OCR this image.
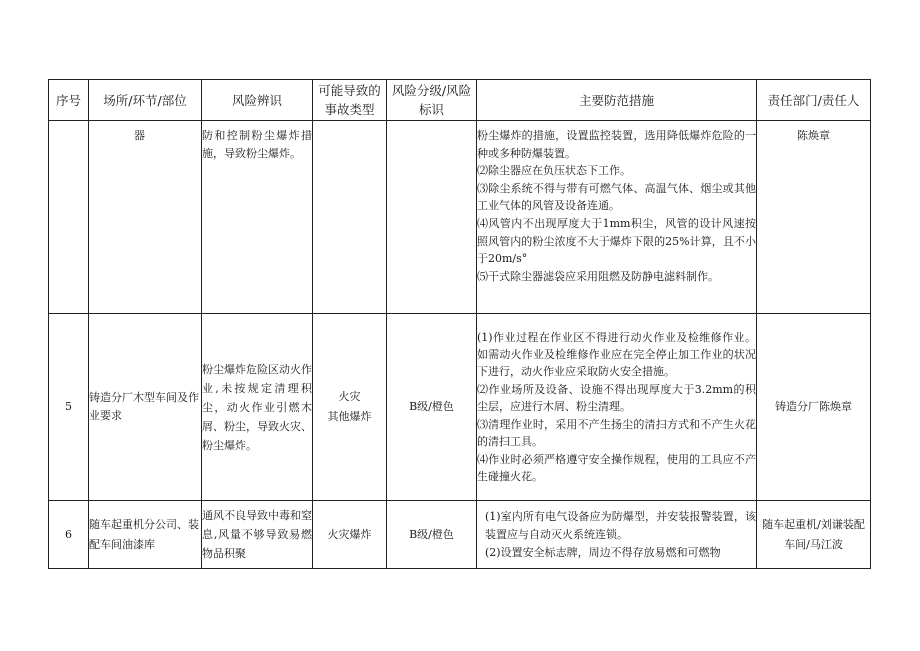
序号	场所/环节/部位	风险辨识	可能导致的事故类型	风险分级/风险标识	主要防范措施	责任部门/责任人
	器	防和控制粉尘爆炸措施，导致粉尘爆炸。			粉尘爆炸的措施，设置监控装置，选用降低爆炸危险的一种或多种防爆装置。
⑵除尘器应在负压状态下工作。
⑶除尘系统不得与带有可燃气体、高温气体、烟尘或其他工业气体的风管及设备连通。
⑷风管内不出现厚度大于1mm积尘，风管的设计风速按照风管内的粉尘浓度不大于爆炸下限的25%计算，且不小于20m∕s°
⑸干式除尘器滤袋应采用阻燃及防静电滤料制作。	陈焕章
5	铸造分厂木型车间及作业要求	粉尘爆炸危险区动火作业,未按规定清理积尘，动火作业引燃木屑、粉尘，导致火灾、粉尘爆炸。	火灾
其他爆炸	B级/橙色	(1)作业过程在作业区不得进行动火作业及检维修作业。如需动火作业及检维修作业应在完全停止加工作业的状况下进行，动火作业应采取防火安全措施。
⑵作业场所及设备、设施不得出现厚度大于3.2mm的积尘层，应进行木屑、粉尘清理。
⑶清理作业时，采用不产生扬尘的清扫方式和不产生火花的清扫工具。
⑷作业时必须严格遵守安全操作规程，使用的工具应不产生碰撞火花。	铸造分厂陈焕章
6	随车起重机分公司、装配车间油漆库	通风不良导致中毒和窒息,风量不够导致易燃物品积聚	火灾爆炸	B级/橙色	(1)室内所有电气设备应为防爆型，并安装报警装置，该装置应与自动灭火系统连锁。
(2)设置安全标志牌，周边不得存放易燃和可燃物	随车起重机/刘谦装配车间/马江波
